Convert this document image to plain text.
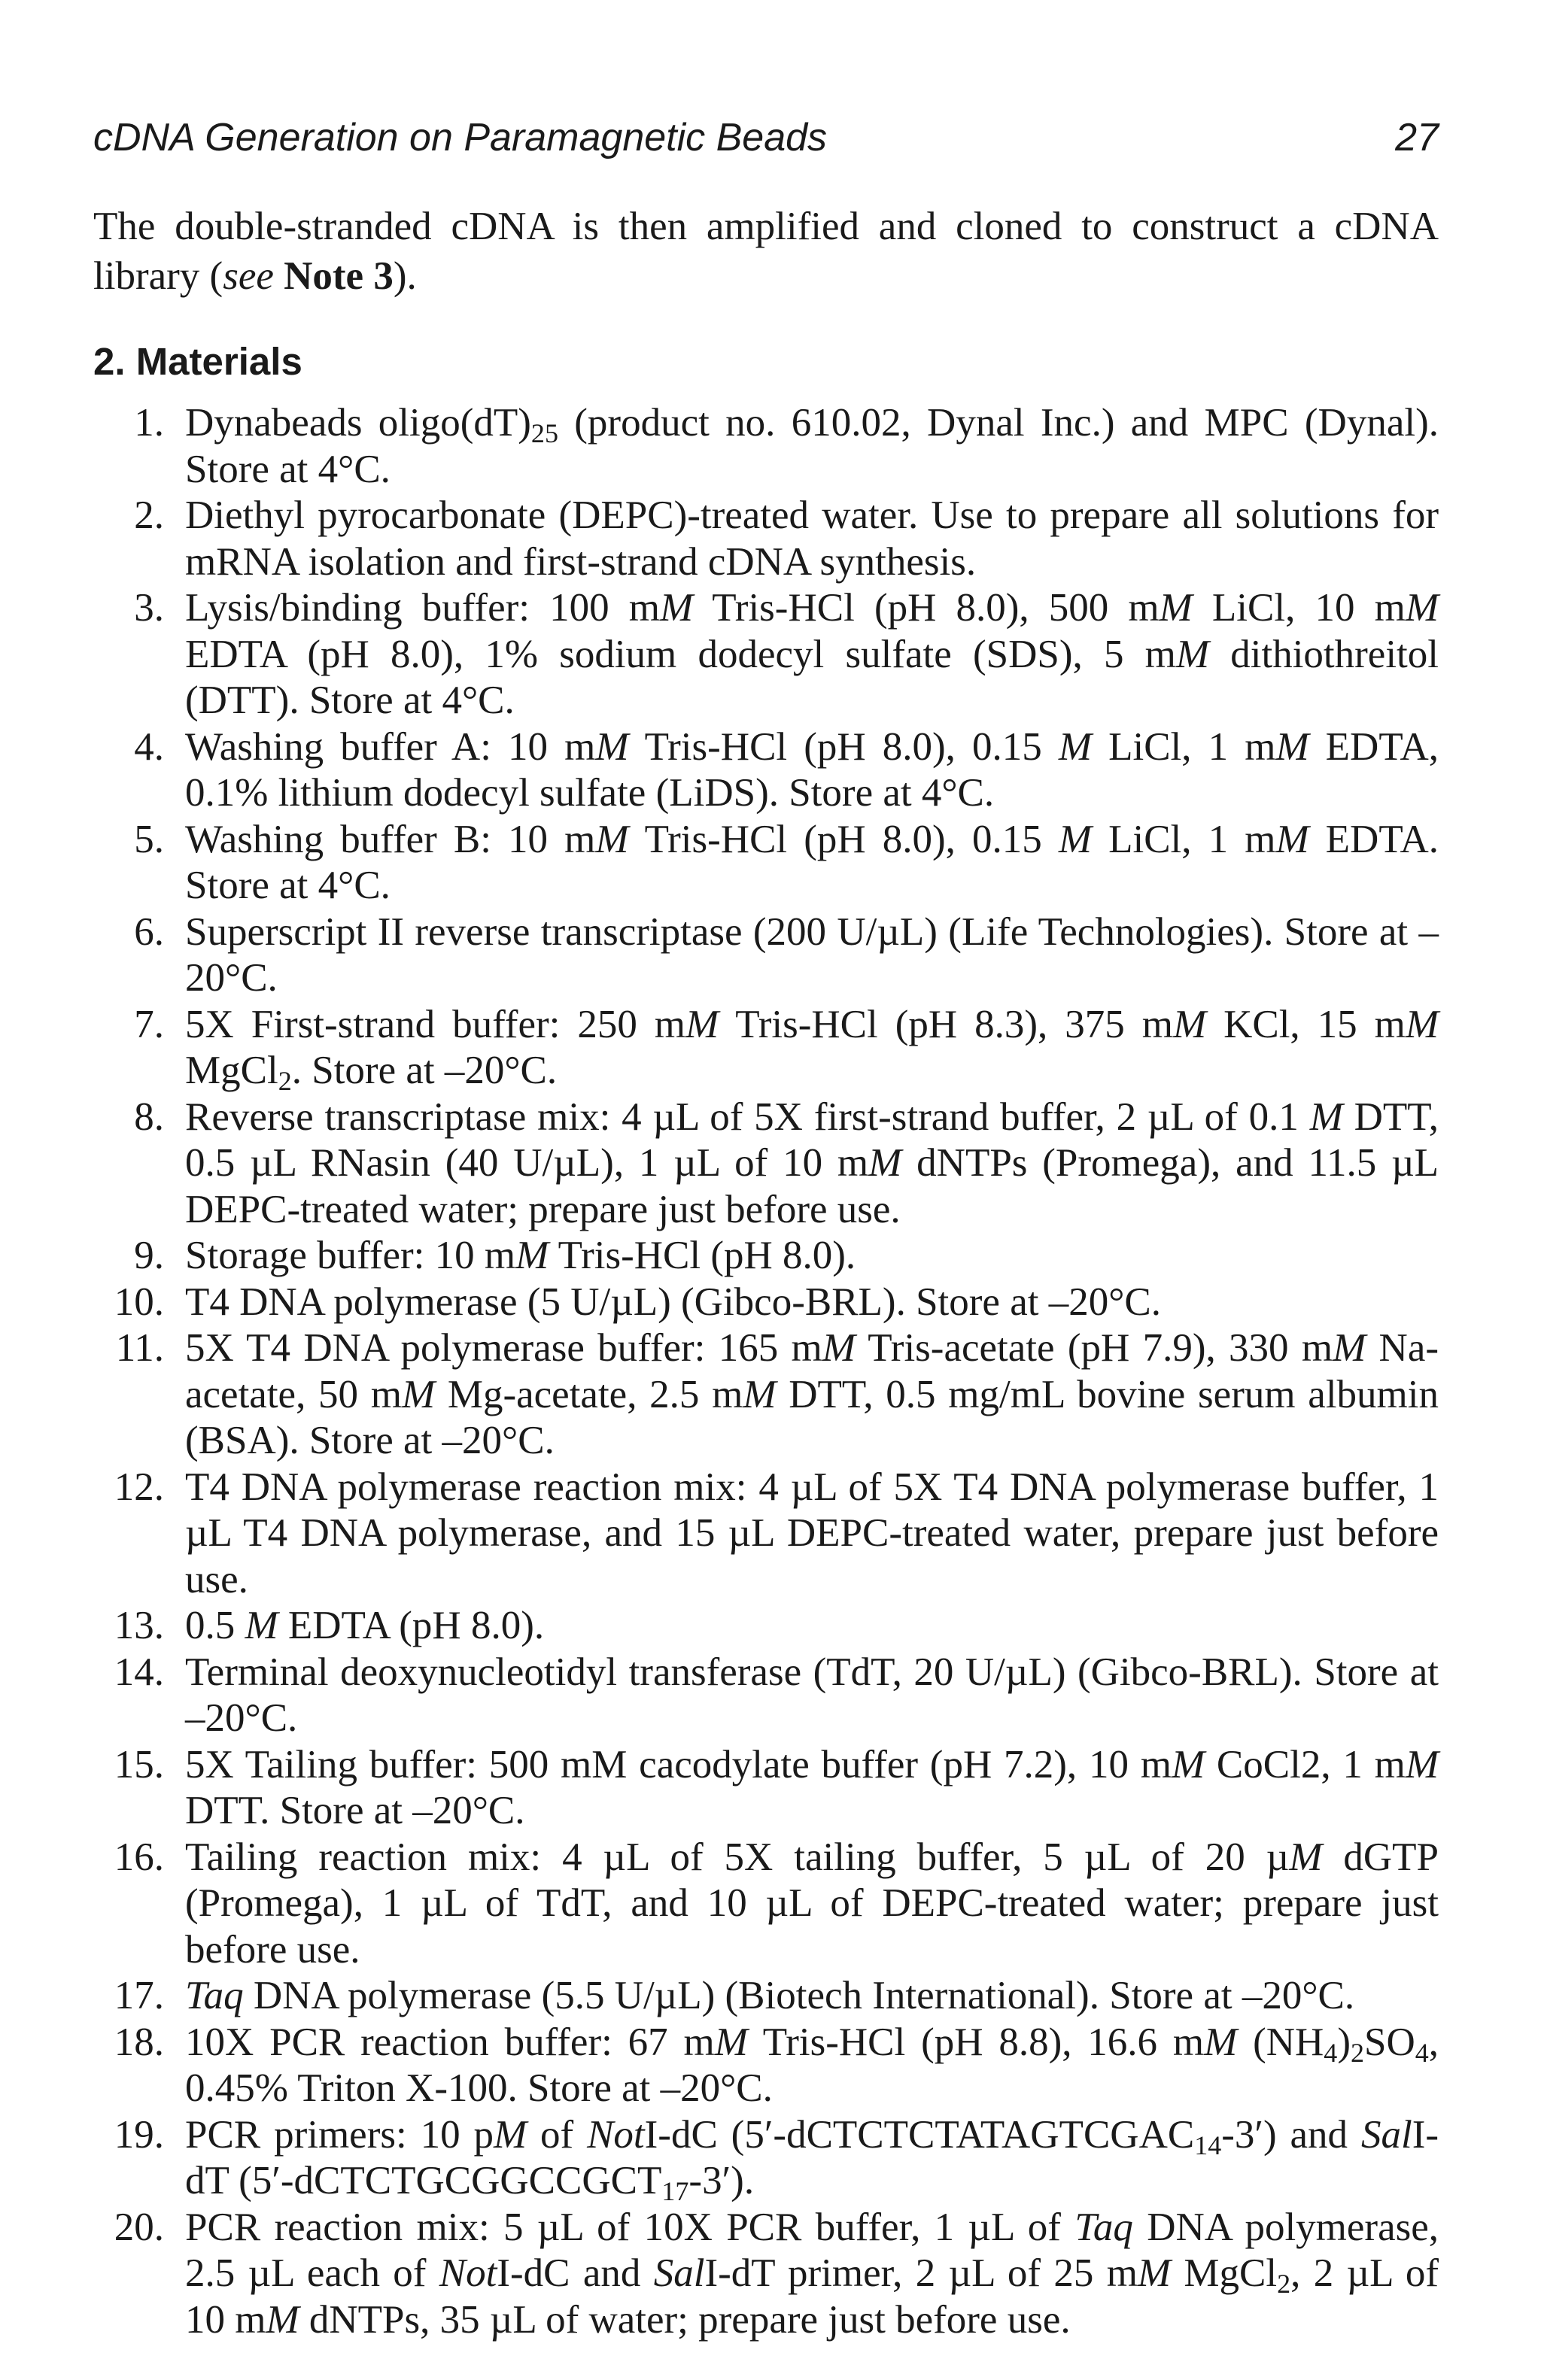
cDNA Generation on Paramagnetic Beads	27

The double-stranded cDNA is then amplified and cloned to construct a cDNA library (see Note 3).

2. Materials
1. Dynabeads $oligo(dT)_{25}$ (product no. 610.02, Dynal Inc.) and MPC (Dynal). Store at 4°C.
2. Diethyl pyrocarbonate (DEPC)-treated water. Use to prepare all solutions for mRNA isolation and first-strand cDNA synthesis.
3. Lysis/binding buffer: 100 mM Tris-HCl (pH 8.0), 500 mM LiCl, 10 mM EDTA (pH 8.0), 1% sodium dodecyl sulfate (SDS), 5 mM dithiothreitol (DTT). Store at 4°C.
4. Washing buffer A: 10 mM Tris-HCl (pH 8.0), 0.15 M LiCl, 1 mM EDTA, 0.1% lithium dodecyl sulfate (LiDS). Store at 4°C.
5. Washing buffer B: 10 mM Tris-HCl (pH 8.0), 0.15 M LiCl, 1 mM EDTA. Store at 4°C.
6. Superscript II reverse transcriptase (200 U/µL) (Life Technologies). Store at –20°C.
7. 5X First-strand buffer: 250 mM Tris-HCl (pH 8.3), 375 mM KCl, 15 mM MgCl$_2$. Store at –20°C.
8. Reverse transcriptase mix: 4 µL of 5X first-strand buffer, 2 µL of 0.1 M DTT, 0.5 µL RNasin (40 U/µL), 1 µL of 10 mM dNTPs (Promega), and 11.5 µL DEPC-treated water; prepare just before use.
9. Storage buffer: 10 mM Tris-HCl (pH 8.0).
10. T4 DNA polymerase (5 U/µL) (Gibco-BRL). Store at –20°C.
11. 5X T4 DNA polymerase buffer: 165 mM Tris-acetate (pH 7.9), 330 mM Na-acetate, 50 mM Mg-acetate, 2.5 mM DTT, 0.5 mg/mL bovine serum albumin (BSA). Store at –20°C.
12. T4 DNA polymerase reaction mix: 4 µL of 5X T4 DNA polymerase buffer, 1 µL T4 DNA polymerase, and 15 µL DEPC-treated water, prepare just before use.
13. 0.5 M EDTA (pH 8.0).
14. Terminal deoxynucleotidyl transferase (TdT, 20 U/µL) (Gibco-BRL). Store at –20°C.
15. 5X Tailing buffer: 500 mM cacodylate buffer (pH 7.2), 10 mM CoCl2, 1 mM DTT. Store at –20°C.
16. Tailing reaction mix: 4 µL of 5X tailing buffer, 5 µL of 20 µM dGTP (Promega), 1 µL of TdT, and 10 µL of DEPC-treated water; prepare just before use.
17. Taq DNA polymerase (5.5 U/µL) (Biotech International). Store at –20°C.
18. 10X PCR reaction buffer: 67 mM Tris-HCl (pH 8.8), 16.6 mM $(NH_4)_2SO_4$, 0.45% Triton X-100. Store at –20°C.
19. PCR primers: 10 pM of NotI-dC (5′-dCTCTCTATAGTCGAC$_{14}$-3′) and SalI-dT (5′-dCTCTGCGGCCGCT$_{17}$-3′).
20. PCR reaction mix: 5 µL of 10X PCR buffer, 1 µL of Taq DNA polymerase, 2.5 µL each of NotI-dC and SalI-dT primer, 2 µL of 25 mM MgCl$_2$, 2 µL of 10 mM dNTPs, 35 µL of water; prepare just before use.
